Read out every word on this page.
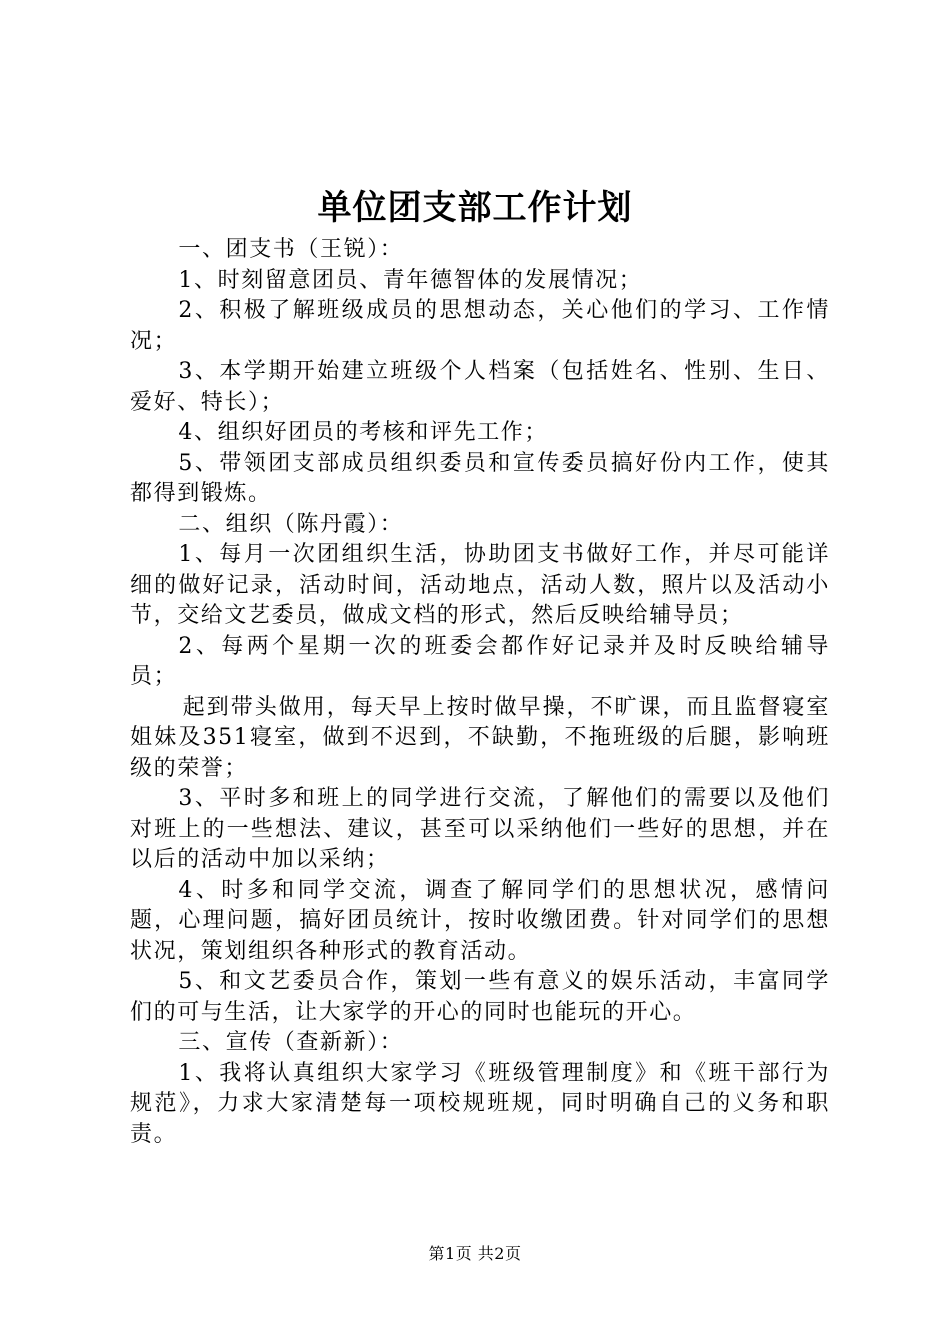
单位团支部工作计划

一、团支书（王锐）：

1、时刻留意团员、青年德智体的发展情况；

2、积极了解班级成员的思想动态，关心他们的学习、工作情况；

3、本学期开始建立班级个人档案（包括姓名、性别、生日、爱好、特长）；

4、组织好团员的考核和评先工作；

5、带领团支部成员组织委员和宣传委员搞好份内工作，使其都得到锻炼。

二、组织（陈丹霞）：

1、每月一次团组织生活，协助团支书做好工作，并尽可能详细的做好记录，活动时间，活动地点，活动人数，照片以及活动小节，交给文艺委员，做成文档的形式，然后反映给辅导员；

2、每两个星期一次的班委会都作好记录并及时反映给辅导员；

起到带头做用，每天早上按时做早操，不旷课，而且监督寝室姐妹及351寝室，做到不迟到，不缺勤，不拖班级的后腿，影响班级的荣誉；

3、平时多和班上的同学进行交流，了解他们的需要以及他们对班上的一些想法、建议，甚至可以采纳他们一些好的思想，并在以后的活动中加以采纳；

4、时多和同学交流，调查了解同学们的思想状况，感情问题，心理问题，搞好团员统计，按时收缴团费。针对同学们的思想状况，策划组织各种形式的教育活动。

5、和文艺委员合作，策划一些有意义的娱乐活动，丰富同学们的可与生活，让大家学的开心的同时也能玩的开心。

三、宣传（查新新）：

1、我将认真组织大家学习《班级管理制度》和《班干部行为规范》，力求大家清楚每一项校规班规，同时明确自己的义务和职责。

第1页 共2页
